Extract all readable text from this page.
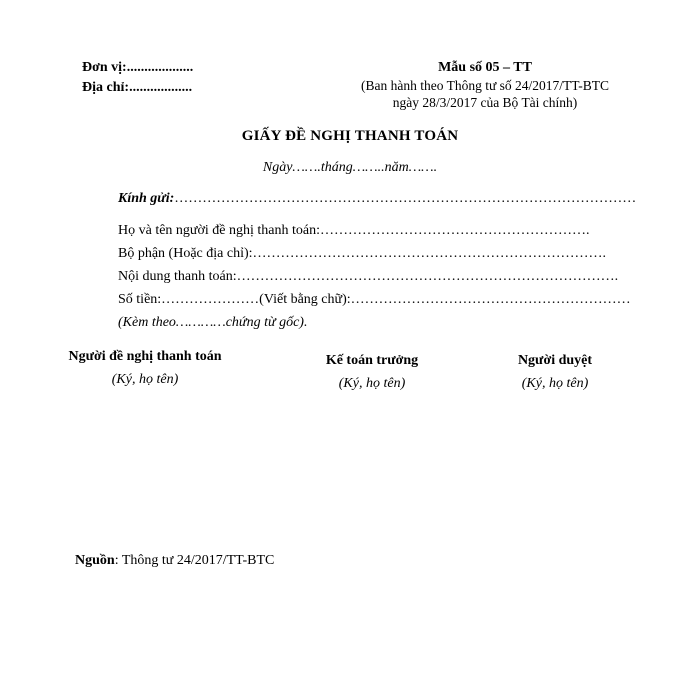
Đơn vị:...................
Địa chỉ:..................
Mẫu số 05 – TT
(Ban hành theo Thông tư số 24/2017/TT-BTC
ngày 28/3/2017 của Bộ Tài chính)
GIẤY ĐỀ NGHỊ THANH TOÁN
Ngày…….tháng……..năm…….
Kính gửi:………………………………………………………………………………………
Họ và tên người đề nghị thanh toán:………………………………………………….
Bộ phận (Hoặc địa chỉ):………………………………………………………………….
Nội dung thanh toán:……………………………………………………………………….
Số tiền:…………………(Viết bằng chữ):……………………………………………………
(Kèm theo…………chứng từ gốc).
Người đề nghị thanh toán
(Ký, họ tên)
Kế toán trưởng
(Ký, họ tên)
Người duyệt
(Ký, họ tên)
Nguồn: Thông tư 24/2017/TT-BTC
